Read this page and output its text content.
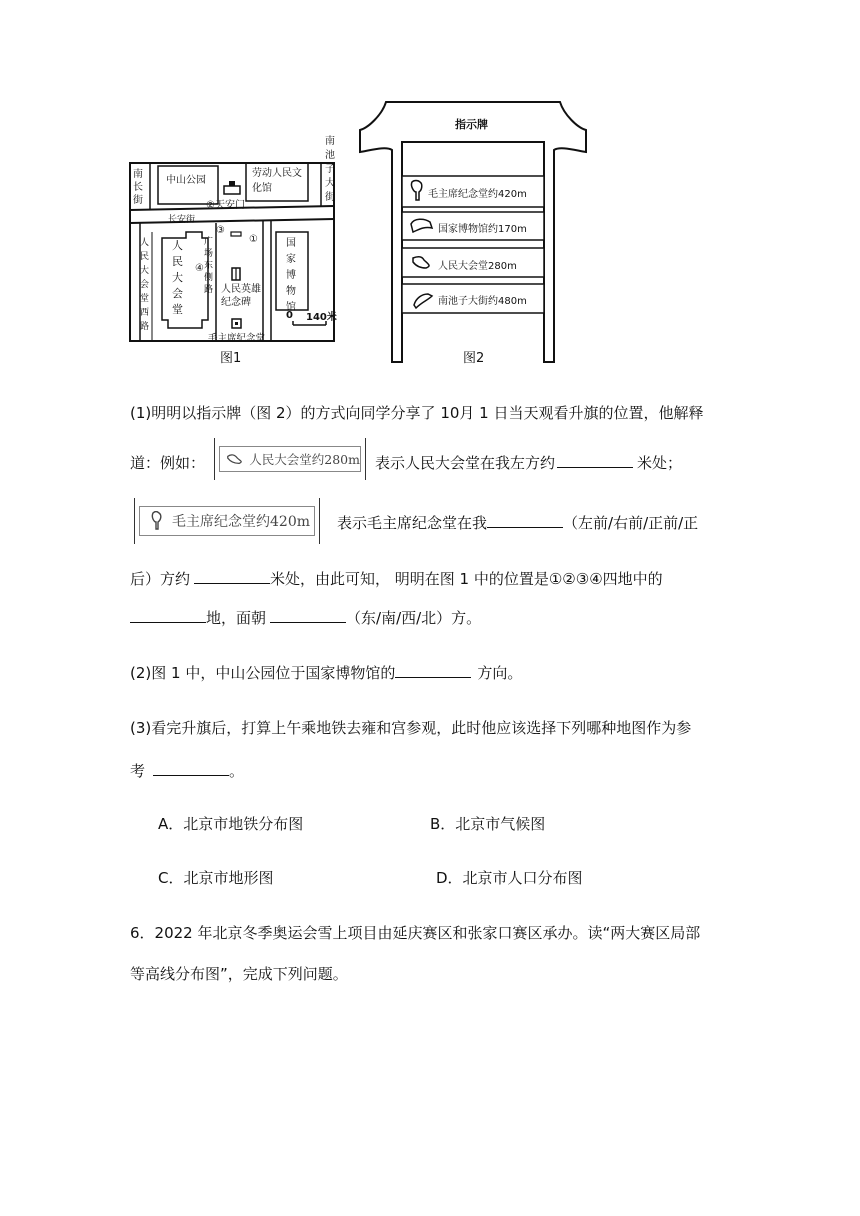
南长街
中山公园
劳动人民文化馆
②天安门
长安街
③
①
④
人民大会堂
人民大会堂西路
广场东侧路
国家博物馆
人民英雄纪念碑
毛主席纪念堂
南池子大街
0 140米
图1
指示牌
毛主席纪念堂约420m
国家博物馆约170m
人民大会堂280m
南池子大街约480m
图2
(1)明明以指示牌（图 2）的方式向同学分享了 10月 1 日当天观看升旗的位置，他解释
道：例如：	人民大会堂约280m 表示人民大会堂在我左方约	米处；
毛主席纪念堂约420m 表示毛主席纪念堂在我	（左前/右前/正前/正
后）方约	米处，由此可知， 明明在图 1 中的位置是①②③④四地中的
地，面朝	（东/南/西/北）方。
(2)图 1 中，中山公园位于国家博物馆的	方向。
(3)看完升旗后，打算上午乘地铁去雍和宫参观，此时他应该选择下列哪种地图作为参
考	。
A．北京市地铁分布图	B．北京市气候图
C．北京市地形图	D．北京市人口分布图
6．2022 年北京冬季奥运会雪上项目由延庆赛区和张家口赛区承办。读“两大赛区局部
等高线分布图”，完成下列问题。
